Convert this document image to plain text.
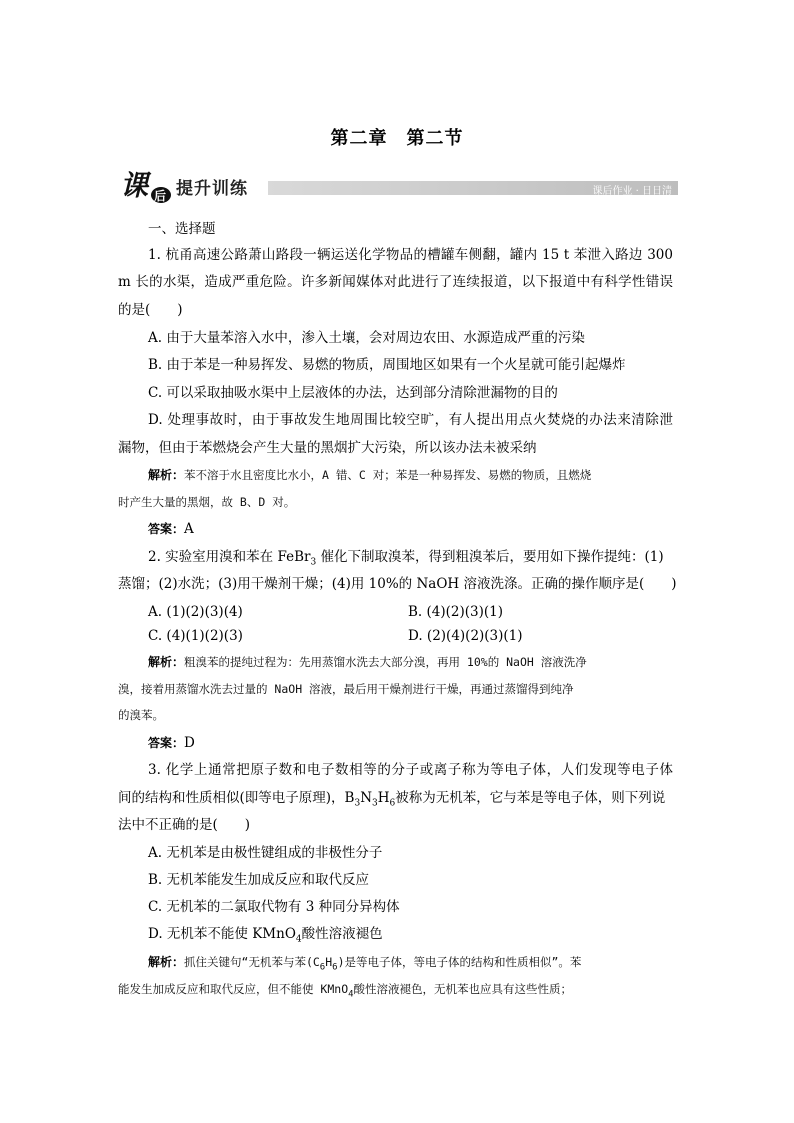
第二章　第二节
课 后 提升训练	课后作业 · 日日清
一、选择题
1. 杭甬高速公路萧山路段一辆运送化学物品的槽罐车侧翻，罐内 15 t 苯泄入路边 300
m 长的水渠，造成严重危险。许多新闻媒体对此进行了连续报道，以下报道中有科学性错误
的是(　　)
A. 由于大量苯溶入水中，渗入土壤，会对周边农田、水源造成严重的污染
B. 由于苯是一种易挥发、易燃的物质，周围地区如果有一个火星就可能引起爆炸
C. 可以采取抽吸水渠中上层液体的办法，达到部分清除泄漏物的目的
D. 处理事故时，由于事故发生地周围比较空旷，有人提出用点火焚烧的办法来清除泄
漏物，但由于苯燃烧会产生大量的黑烟扩大污染，所以该办法未被采纳
解析：苯不溶于水且密度比水小，A 错、C 对；苯是一种易挥发、易燃的物质，且燃烧
时产生大量的黑烟，故 B、D 对。
答案：A
2. 实验室用溴和苯在 FeBr$_3$ 催化下制取溴苯，得到粗溴苯后，要用如下操作提纯：(1)
蒸馏；(2)水洗；(3)用干燥剂干燥；(4)用 10%的 NaOH 溶液洗涤。正确的操作顺序是(　　)
A. (1)(2)(3)(4)	B. (4)(2)(3)(1)
C. (4)(1)(2)(3)	D. (2)(4)(2)(3)(1)
解析：粗溴苯的提纯过程为：先用蒸馏水洗去大部分溴，再用 10%的 NaOH 溶液洗净
溴，接着用蒸馏水洗去过量的 NaOH 溶液，最后用干燥剂进行干燥，再通过蒸馏得到纯净
的溴苯。
答案：D
3. 化学上通常把原子数和电子数相等的分子或离子称为等电子体，人们发现等电子体
间的结构和性质相似(即等电子原理)，$B_3N_3H_6$被称为无机苯，它与苯是等电子体，则下列说
法中不正确的是(　　)
A. 无机苯是由极性键组成的非极性分子
B. 无机苯能发生加成反应和取代反应
C. 无机苯的二氯取代物有 3 种同分异构体
D. 无机苯不能使 KMnO$_4$酸性溶液褪色
解析：抓住关键句“无机苯与苯$(C_6H_6)$是等电子体，等电子体的结构和性质相似”。苯
能发生加成反应和取代反应，但不能使 KMnO$_4$酸性溶液褪色，无机苯也应具有这些性质；
